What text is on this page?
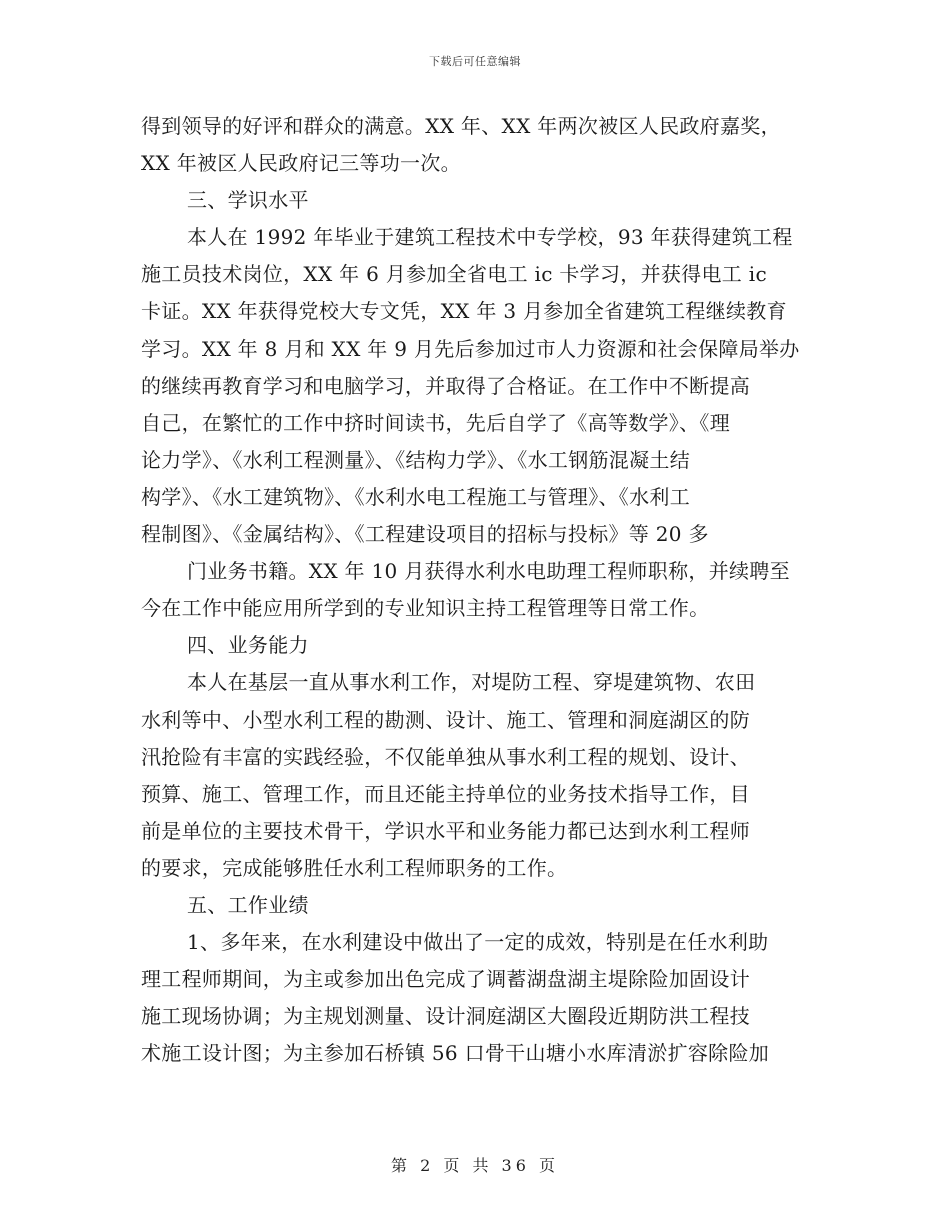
下载后可任意编辑
得到领导的好评和群众的满意。XX 年、XX 年两次被区人民政府嘉奖，
XX 年被区人民政府记三等功一次。
三、学识水平
本人在 1992 年毕业于建筑工程技术中专学校，93 年获得建筑工程
施工员技术岗位，XX 年 6 月参加全省电工 ic 卡学习，并获得电工 ic
卡证。XX 年获得党校大专文凭，XX 年 3 月参加全省建筑工程继续教育
学习。XX 年 8 月和 XX 年 9 月先后参加过市人力资源和社会保障局举办
的继续再教育学习和电脑学习，并取得了合格证。在工作中不断提高
自己，在繁忙的工作中挤时间读书，先后自学了《高等数学》、《理
论力学》、《水利工程测量》、《结构力学》、《水工钢筋混凝土结
构学》、《水工建筑物》、《水利水电工程施工与管理》、《水利工
程制图》、《金属结构》、《工程建设项目的招标与投标》等 20 多
门业务书籍。XX 年 10 月获得水利水电助理工程师职称，并续聘至
今在工作中能应用所学到的专业知识主持工程管理等日常工作。
四、业务能力
本人在基层一直从事水利工作，对堤防工程、穿堤建筑物、农田
水利等中、小型水利工程的勘测、设计、施工、管理和洞庭湖区的防
汛抢险有丰富的实践经验，不仅能单独从事水利工程的规划、设计、
预算、施工、管理工作，而且还能主持单位的业务技术指导工作，目
前是单位的主要技术骨干，学识水平和业务能力都已达到水利工程师
的要求，完成能够胜任水利工程师职务的工作。
五、工作业绩
1、多年来，在水利建设中做出了一定的成效，特别是在任水利助
理工程师期间，为主或参加出色完成了调蓄湖盘湖主堤除险加固设计
施工现场协调；为主规划测量、设计洞庭湖区大圈段近期防洪工程技
术施工设计图；为主参加石桥镇 56 口骨干山塘小水库清淤扩容除险加
第 2 页 共 36 页
